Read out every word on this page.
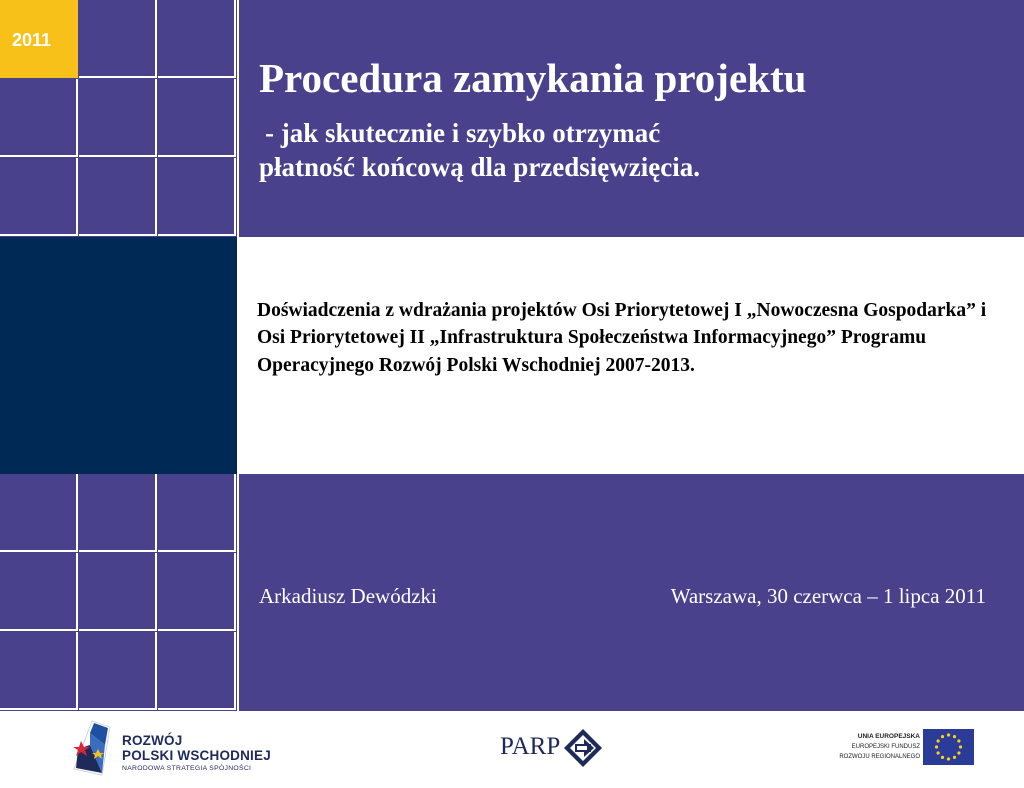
2011
Procedura zamykania projektu
- jak skutecznie i szybko otrzymać
płatność końcową dla przedsięwzięcia.
Doświadczenia z wdrażania projektów Osi Priorytetowej I „Nowoczesna Gospodarka” i Osi Priorytetowej II „Infrastruktura Społeczeństwa Informacyjnego” Programu Operacyjnego Rozwój Polski Wschodniej 2007-2013.
Arkadiusz Dewódzki	Warszawa, 30 czerwca – 1 lipca 2011
ROZWÓJ
POLSKI WSCHODNIEJ
NARODOWA STRATEGIA SPÓJNOŚCI
PARP	UNIA EUROPEJSKA
EUROPEJSKI FUNDUSZ
ROZWOJU REGIONALNEGO
